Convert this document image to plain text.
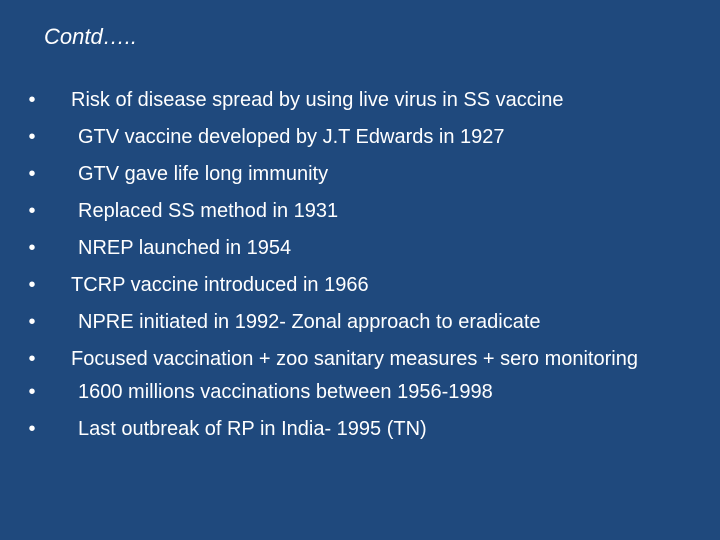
Contd…..
• Risk of disease spread by using live virus in SS vaccine
• GTV vaccine developed by J.T Edwards in 1927
• GTV gave life long immunity
• Replaced SS method in 1931
• NREP launched in 1954
• TCRP vaccine introduced in 1966
• NPRE initiated in 1992- Zonal approach to eradicate
• Focused vaccination + zoo sanitary measures + sero monitoring
• 1600 millions vaccinations between 1956-1998
• Last outbreak of RP in India- 1995 (TN)
